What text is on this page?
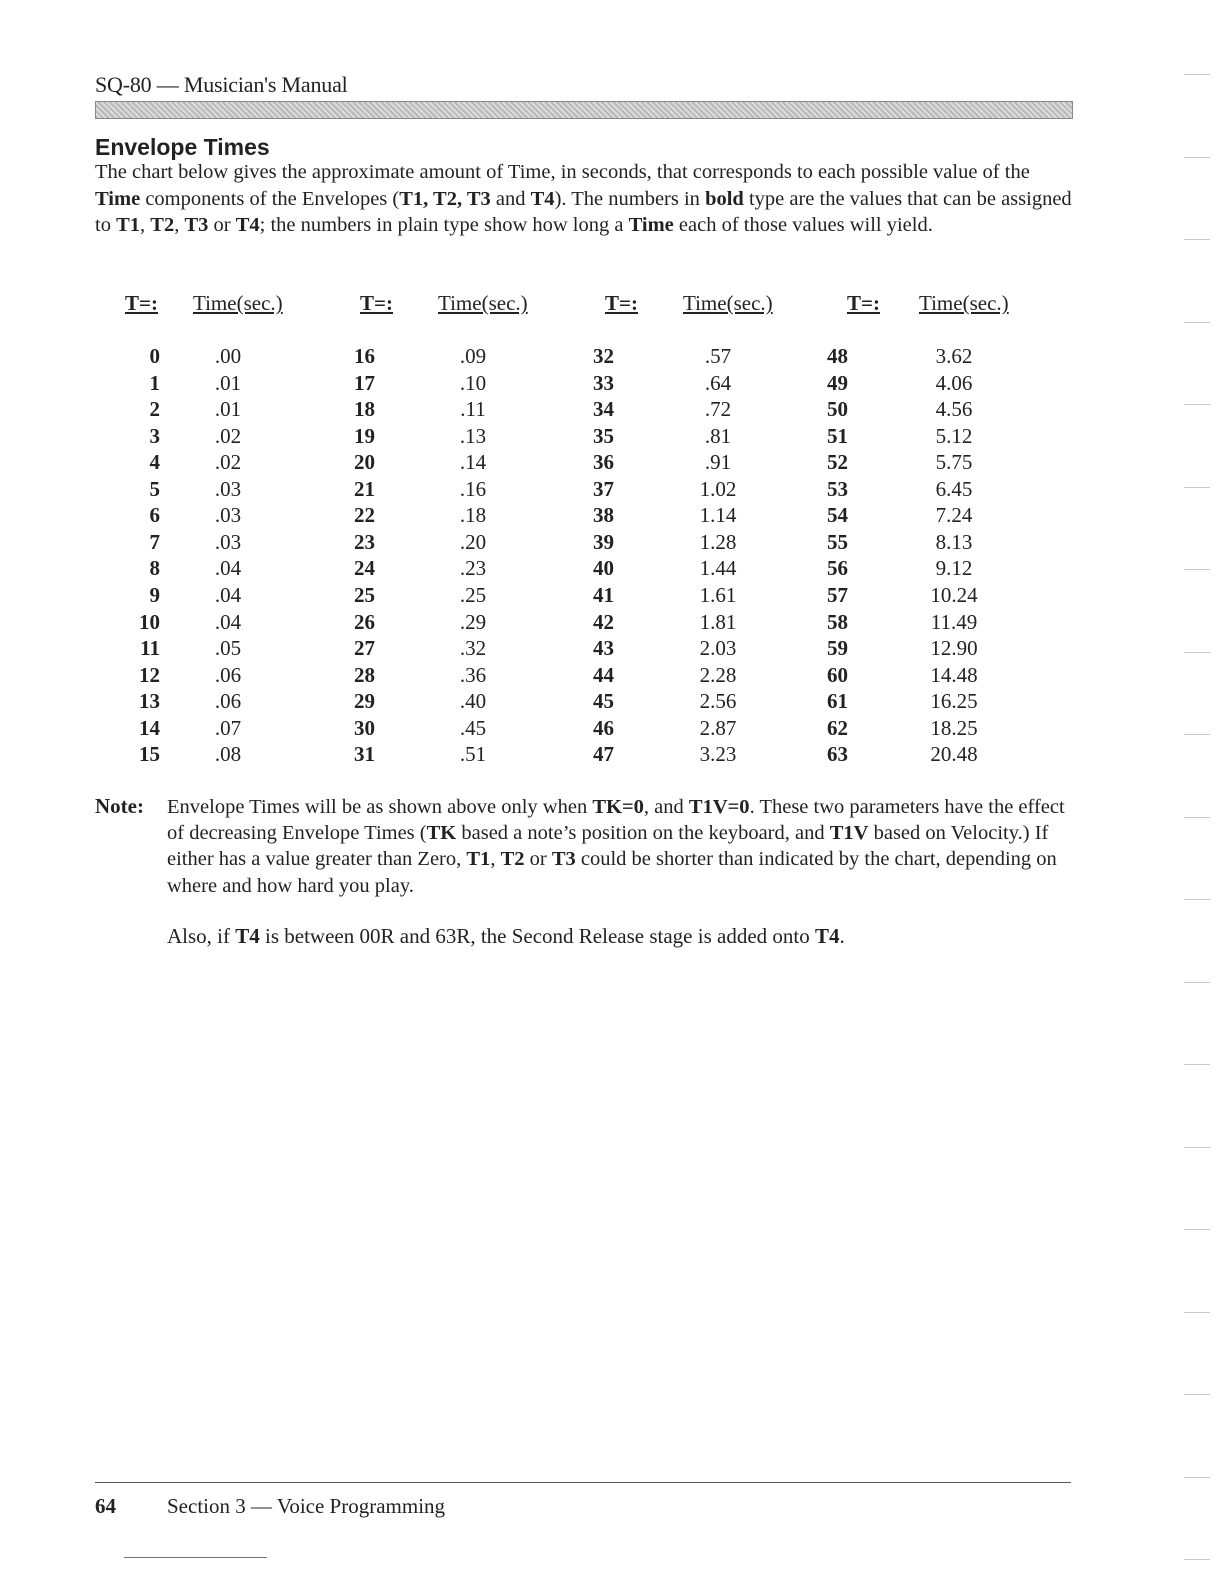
SQ-80 — Musician's Manual
Envelope Times

The chart below gives the approximate amount of Time, in seconds, that corresponds to each possible value of the Time components of the Envelopes (T1, T2, T3 and T4). The numbers in bold type are the values that can be assigned to T1, T2, T3 or T4; the numbers in plain type show how long a Time each of those values will yield.

T=: Time(sec.)
0	.00
1	.01
2	.01
3	.02
4	.02
5	.03
6	.03
7	.03
8	.04
9	.04
10	.04
11	.05
12	.06
13	.06
14	.07
15	.08
T=: Time(sec.)
16	.09
17	.10
18	.11
19	.13
20	.14
21	.16
22	.18
23	.20
24	.23
25	.25
26	.29
27	.32
28	.36
29	.40
30	.45
31	.51
T=: Time(sec.)
32	.57
33	.64
34	.72
35	.81
36	.91
37	1.02
38	1.14
39	1.28
40	1.44
41	1.61
42	1.81
43	2.03
44	2.28
45	2.56
46	2.87
47	3.23
T=: Time(sec.)
48	3.62
49	4.06
50	4.56
51	5.12
52	5.75
53	6.45
54	7.24
55	8.13
56	9.12
57	10.24
58	11.49
59	12.90
60	14.48
61	16.25
62	18.25
63	20.48
Note: Envelope Times will be as shown above only when TK=0, and T1V=0. These two parameters have the effect of decreasing Envelope Times (TK based a note’s position on the keyboard, and T1V based on Velocity.) If either has a value greater than Zero, T1, T2 or T3 could be shorter than indicated by the chart, depending on where and how hard you play.

Also, if T4 is between 00R and 63R, the Second Release stage is added onto T4.
64 Section 3 — Voice Programming
